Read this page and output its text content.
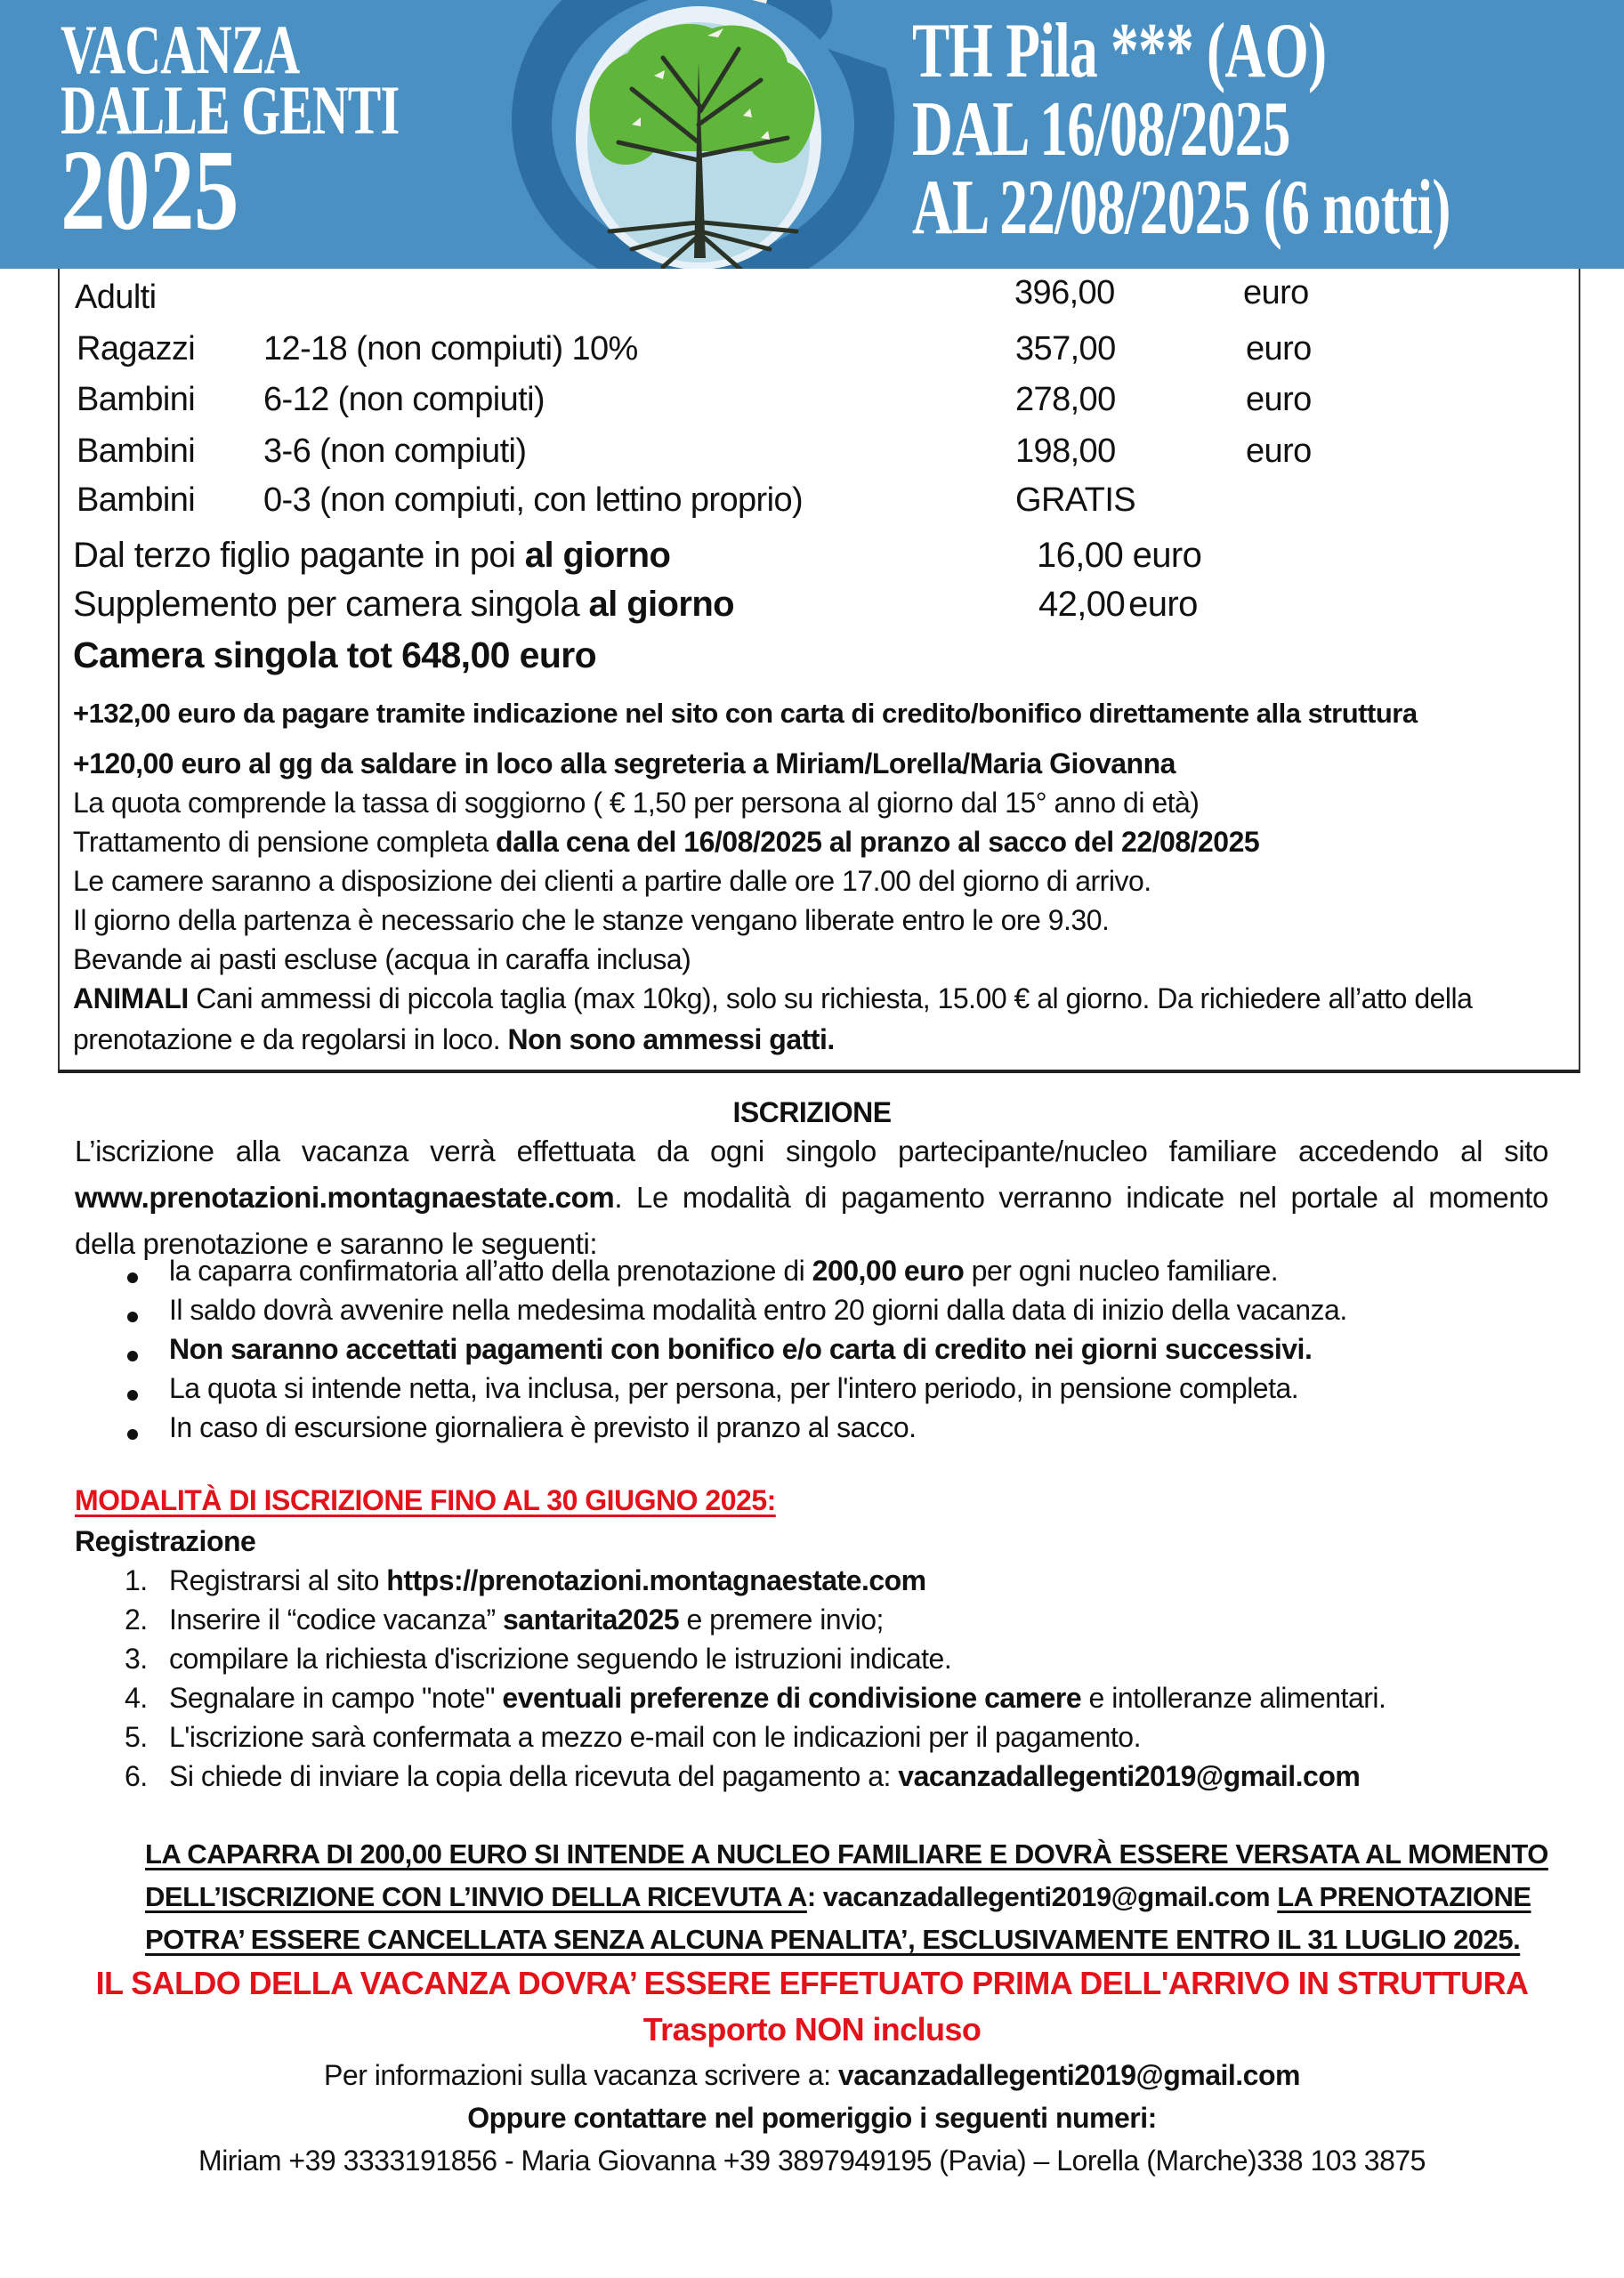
VACANZA
DALLE GENTI
2025
TH Pila *** (AO)
DAL 16/08/2025
AL 22/08/2025 (6 notti)
Adulti	396,00	euro
Ragazzi 12-18 (non compiuti) 10%	357,00	euro
Bambini 6-12 (non compiuti)	278,00	euro
Bambini 3-6 (non compiuti)	198,00	euro
Bambini 0-3 (non compiuti, con lettino proprio)	GRATIS
Dal terzo figlio pagante in poi al giorno	16,00 euro
Supplemento per camera singola al giorno	42,00 euro
Camera singola tot 648,00 euro
+132,00 euro da pagare tramite indicazione nel sito con carta di credito/bonifico direttamente alla struttura
+120,00 euro al gg da saldare in loco alla segreteria a Miriam/Lorella/Maria Giovanna
La quota comprende la tassa di soggiorno ( € 1,50 per persona al giorno dal 15° anno di età)
Trattamento di pensione completa dalla cena del 16/08/2025 al pranzo al sacco del 22/08/2025
Le camere saranno a disposizione dei clienti a partire dalle ore 17.00 del giorno di arrivo.
Il giorno della partenza è necessario che le stanze vengano liberate entro le ore 9.30.
Bevande ai pasti escluse (acqua in caraffa inclusa)
ANIMALI Cani ammessi di piccola taglia (max 10kg), solo su richiesta, 15.00 € al giorno. Da richiedere all’atto della
prenotazione e da regolarsi in loco. Non sono ammessi gatti.
ISCRIZIONE
L’iscrizione alla vacanza verrà effettuata da ogni singolo partecipante/nucleo familiare accedendo al sito
www.prenotazioni.montagnaestate.com. Le modalità di pagamento verranno indicate nel portale al momento
della prenotazione e saranno le seguenti:
la caparra confirmatoria all’atto della prenotazione di 200,00 euro per ogni nucleo familiare.
Il saldo dovrà avvenire nella medesima modalità entro 20 giorni dalla data di inizio della vacanza.
Non saranno accettati pagamenti con bonifico e/o carta di credito nei giorni successivi.
La quota si intende netta, iva inclusa, per persona, per l'intero periodo, in pensione completa.
In caso di escursione giornaliera è previsto il pranzo al sacco.
MODALITÀ DI ISCRIZIONE FINO AL 30 GIUGNO 2025:
Registrazione
1. Registrarsi al sito https://prenotazioni.montagnaestate.com
2. Inserire il “codice vacanza” santarita2025 e premere invio;
3. compilare la richiesta d'iscrizione seguendo le istruzioni indicate.
4. Segnalare in campo "note" eventuali preferenze di condivisione camere e intolleranze alimentari.
5. L'iscrizione sarà confermata a mezzo e-mail con le indicazioni per il pagamento.
6. Si chiede di inviare la copia della ricevuta del pagamento a: vacanzadallegenti2019@gmail.com
LA CAPARRA DI 200,00 EURO SI INTENDE A NUCLEO FAMILIARE E DOVRÀ ESSERE VERSATA AL MOMENTO
DELL’ISCRIZIONE CON L’INVIO DELLA RICEVUTA A: vacanzadallegenti2019@gmail.com LA PRENOTAZIONE
POTRA’ ESSERE CANCELLATA SENZA ALCUNA PENALITA’, ESCLUSIVAMENTE ENTRO IL 31 LUGLIO 2025.
IL SALDO DELLA VACANZA DOVRA’ ESSERE EFFETUATO PRIMA DELL'ARRIVO IN STRUTTURA
Trasporto NON incluso
Per informazioni sulla vacanza scrivere a: vacanzadallegenti2019@gmail.com
Oppure contattare nel pomeriggio i seguenti numeri:
Miriam +39 3333191856 - Maria Giovanna +39 3897949195 (Pavia) – Lorella (Marche)338 103 3875
